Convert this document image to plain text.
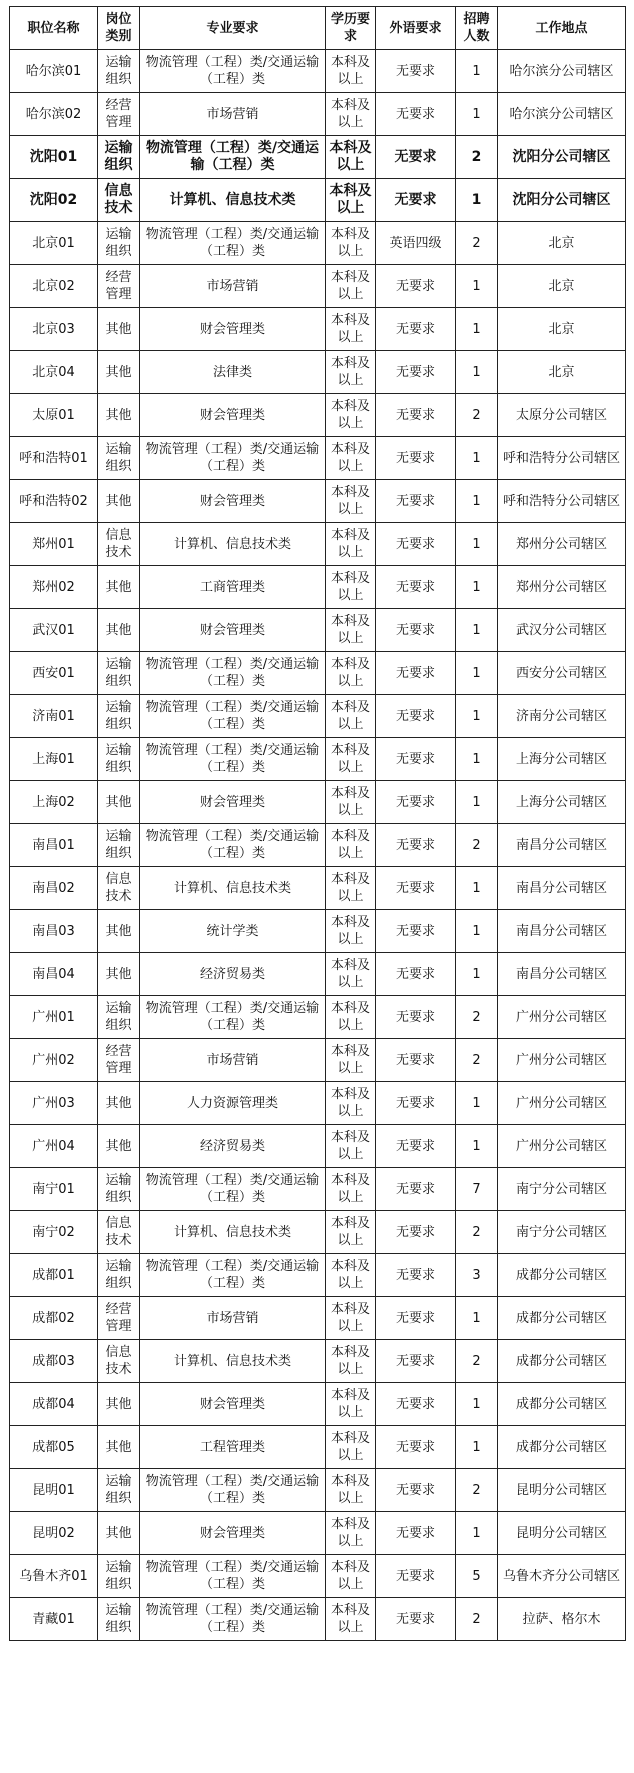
职位名称	岗位类别	专业要求	学历要求	外语要求	招聘人数	工作地点
哈尔滨01	运输组织	物流管理（工程）类/交通运输（工程）类	本科及以上	无要求	1	哈尔滨分公司辖区
哈尔滨02	经营管理	市场营销	本科及以上	无要求	1	哈尔滨分公司辖区
沈阳01	运输组织	物流管理（工程）类/交通运输（工程）类	本科及以上	无要求	2	沈阳分公司辖区
沈阳02	信息技术	计算机、信息技术类	本科及以上	无要求	1	沈阳分公司辖区
北京01	运输组织	物流管理（工程）类/交通运输（工程）类	本科及以上	英语四级	2	北京
北京02	经营管理	市场营销	本科及以上	无要求	1	北京
北京03	其他	财会管理类	本科及以上	无要求	1	北京
北京04	其他	法律类	本科及以上	无要求	1	北京
太原01	其他	财会管理类	本科及以上	无要求	2	太原分公司辖区
呼和浩特01	运输组织	物流管理（工程）类/交通运输（工程）类	本科及以上	无要求	1	呼和浩特分公司辖区
呼和浩特02	其他	财会管理类	本科及以上	无要求	1	呼和浩特分公司辖区
郑州01	信息技术	计算机、信息技术类	本科及以上	无要求	1	郑州分公司辖区
郑州02	其他	工商管理类	本科及以上	无要求	1	郑州分公司辖区
武汉01	其他	财会管理类	本科及以上	无要求	1	武汉分公司辖区
西安01	运输组织	物流管理（工程）类/交通运输（工程）类	本科及以上	无要求	1	西安分公司辖区
济南01	运输组织	物流管理（工程）类/交通运输（工程）类	本科及以上	无要求	1	济南分公司辖区
上海01	运输组织	物流管理（工程）类/交通运输（工程）类	本科及以上	无要求	1	上海分公司辖区
上海02	其他	财会管理类	本科及以上	无要求	1	上海分公司辖区
南昌01	运输组织	物流管理（工程）类/交通运输（工程）类	本科及以上	无要求	2	南昌分公司辖区
南昌02	信息技术	计算机、信息技术类	本科及以上	无要求	1	南昌分公司辖区
南昌03	其他	统计学类	本科及以上	无要求	1	南昌分公司辖区
南昌04	其他	经济贸易类	本科及以上	无要求	1	南昌分公司辖区
广州01	运输组织	物流管理（工程）类/交通运输（工程）类	本科及以上	无要求	2	广州分公司辖区
广州02	经营管理	市场营销	本科及以上	无要求	2	广州分公司辖区
广州03	其他	人力资源管理类	本科及以上	无要求	1	广州分公司辖区
广州04	其他	经济贸易类	本科及以上	无要求	1	广州分公司辖区
南宁01	运输组织	物流管理（工程）类/交通运输（工程）类	本科及以上	无要求	7	南宁分公司辖区
南宁02	信息技术	计算机、信息技术类	本科及以上	无要求	2	南宁分公司辖区
成都01	运输组织	物流管理（工程）类/交通运输（工程）类	本科及以上	无要求	3	成都分公司辖区
成都02	经营管理	市场营销	本科及以上	无要求	1	成都分公司辖区
成都03	信息技术	计算机、信息技术类	本科及以上	无要求	2	成都分公司辖区
成都04	其他	财会管理类	本科及以上	无要求	1	成都分公司辖区
成都05	其他	工程管理类	本科及以上	无要求	1	成都分公司辖区
昆明01	运输组织	物流管理（工程）类/交通运输（工程）类	本科及以上	无要求	2	昆明分公司辖区
昆明02	其他	财会管理类	本科及以上	无要求	1	昆明分公司辖区
乌鲁木齐01	运输组织	物流管理（工程）类/交通运输（工程）类	本科及以上	无要求	5	乌鲁木齐分公司辖区
青藏01	运输组织	物流管理（工程）类/交通运输（工程）类	本科及以上	无要求	2	拉萨、格尔木
